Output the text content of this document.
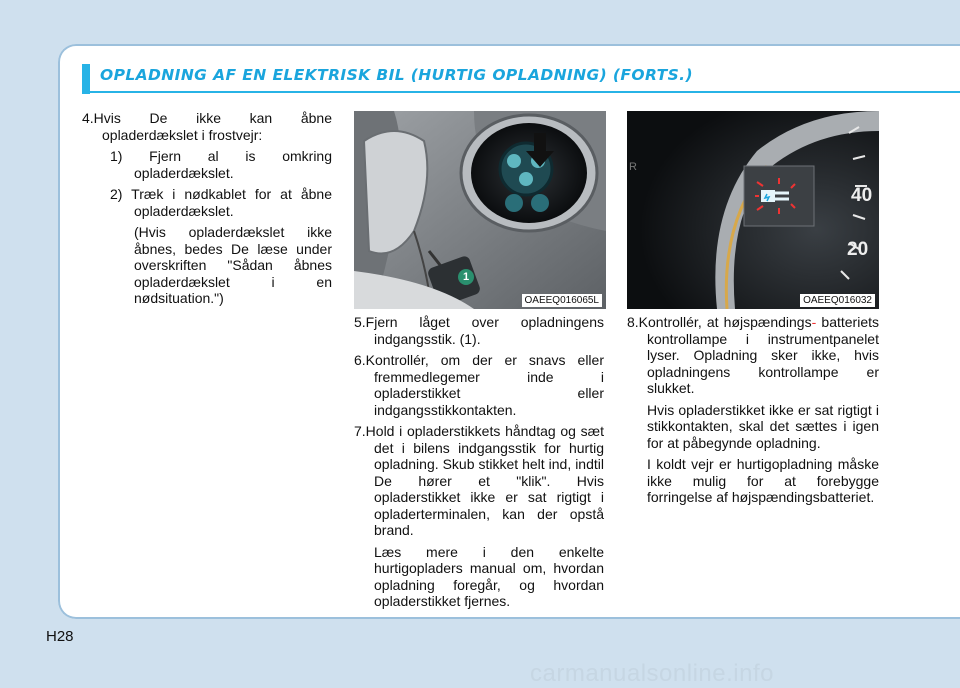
OPLADNING AF EN ELEKTRISK BIL (HURTIG OPLADNING) (FORTS.)

4.Hvis De ikke kan åbne opladerdækslet i frostvejr:

1) Fjern al is omkring opladerdækslet.

2) Træk i nødkablet for at åbne opladerdækslet.

(Hvis opladerdækslet ikke åbnes, bedes De læse under overskriften "Sådan åbnes opladerdækslet i en nødsituation.")

1
OAEEQ016065L

5.Fjern låget over opladningens indgangsstik. (1).

6.Kontrollér, om der er snavs eller fremmedlegemer inde i opladerstikket eller indgangsstikkontakten.

7.Hold i opladerstikkets håndtag og sæt det i bilens indgangsstik for hurtig opladning. Skub stikket helt ind, indtil De hører et "klik". Hvis opladerstikket ikke er sat rigtigt i opladerterminalen, kan der opstå brand.

Læs mere i den enkelte hurtigopladers manual om, hvordan opladning foregår, og hvordan opladerstikket fjernes.

40
20
R
OAEEQ016032

8.Kontrollér, at højspændings- batteriets kontrollampe i instrumentpanelet lyser. Opladning sker ikke, hvis opladningens kontrollampe er slukket.

Hvis opladerstikket ikke er sat rigtigt i stikkontakten, skal det sættes i igen for at påbegynde opladning.

I koldt vejr er hurtigopladning måske ikke mulig for at forebygge forringelse af højspændingsbatteriet.

H28
carmanualsonline.info
